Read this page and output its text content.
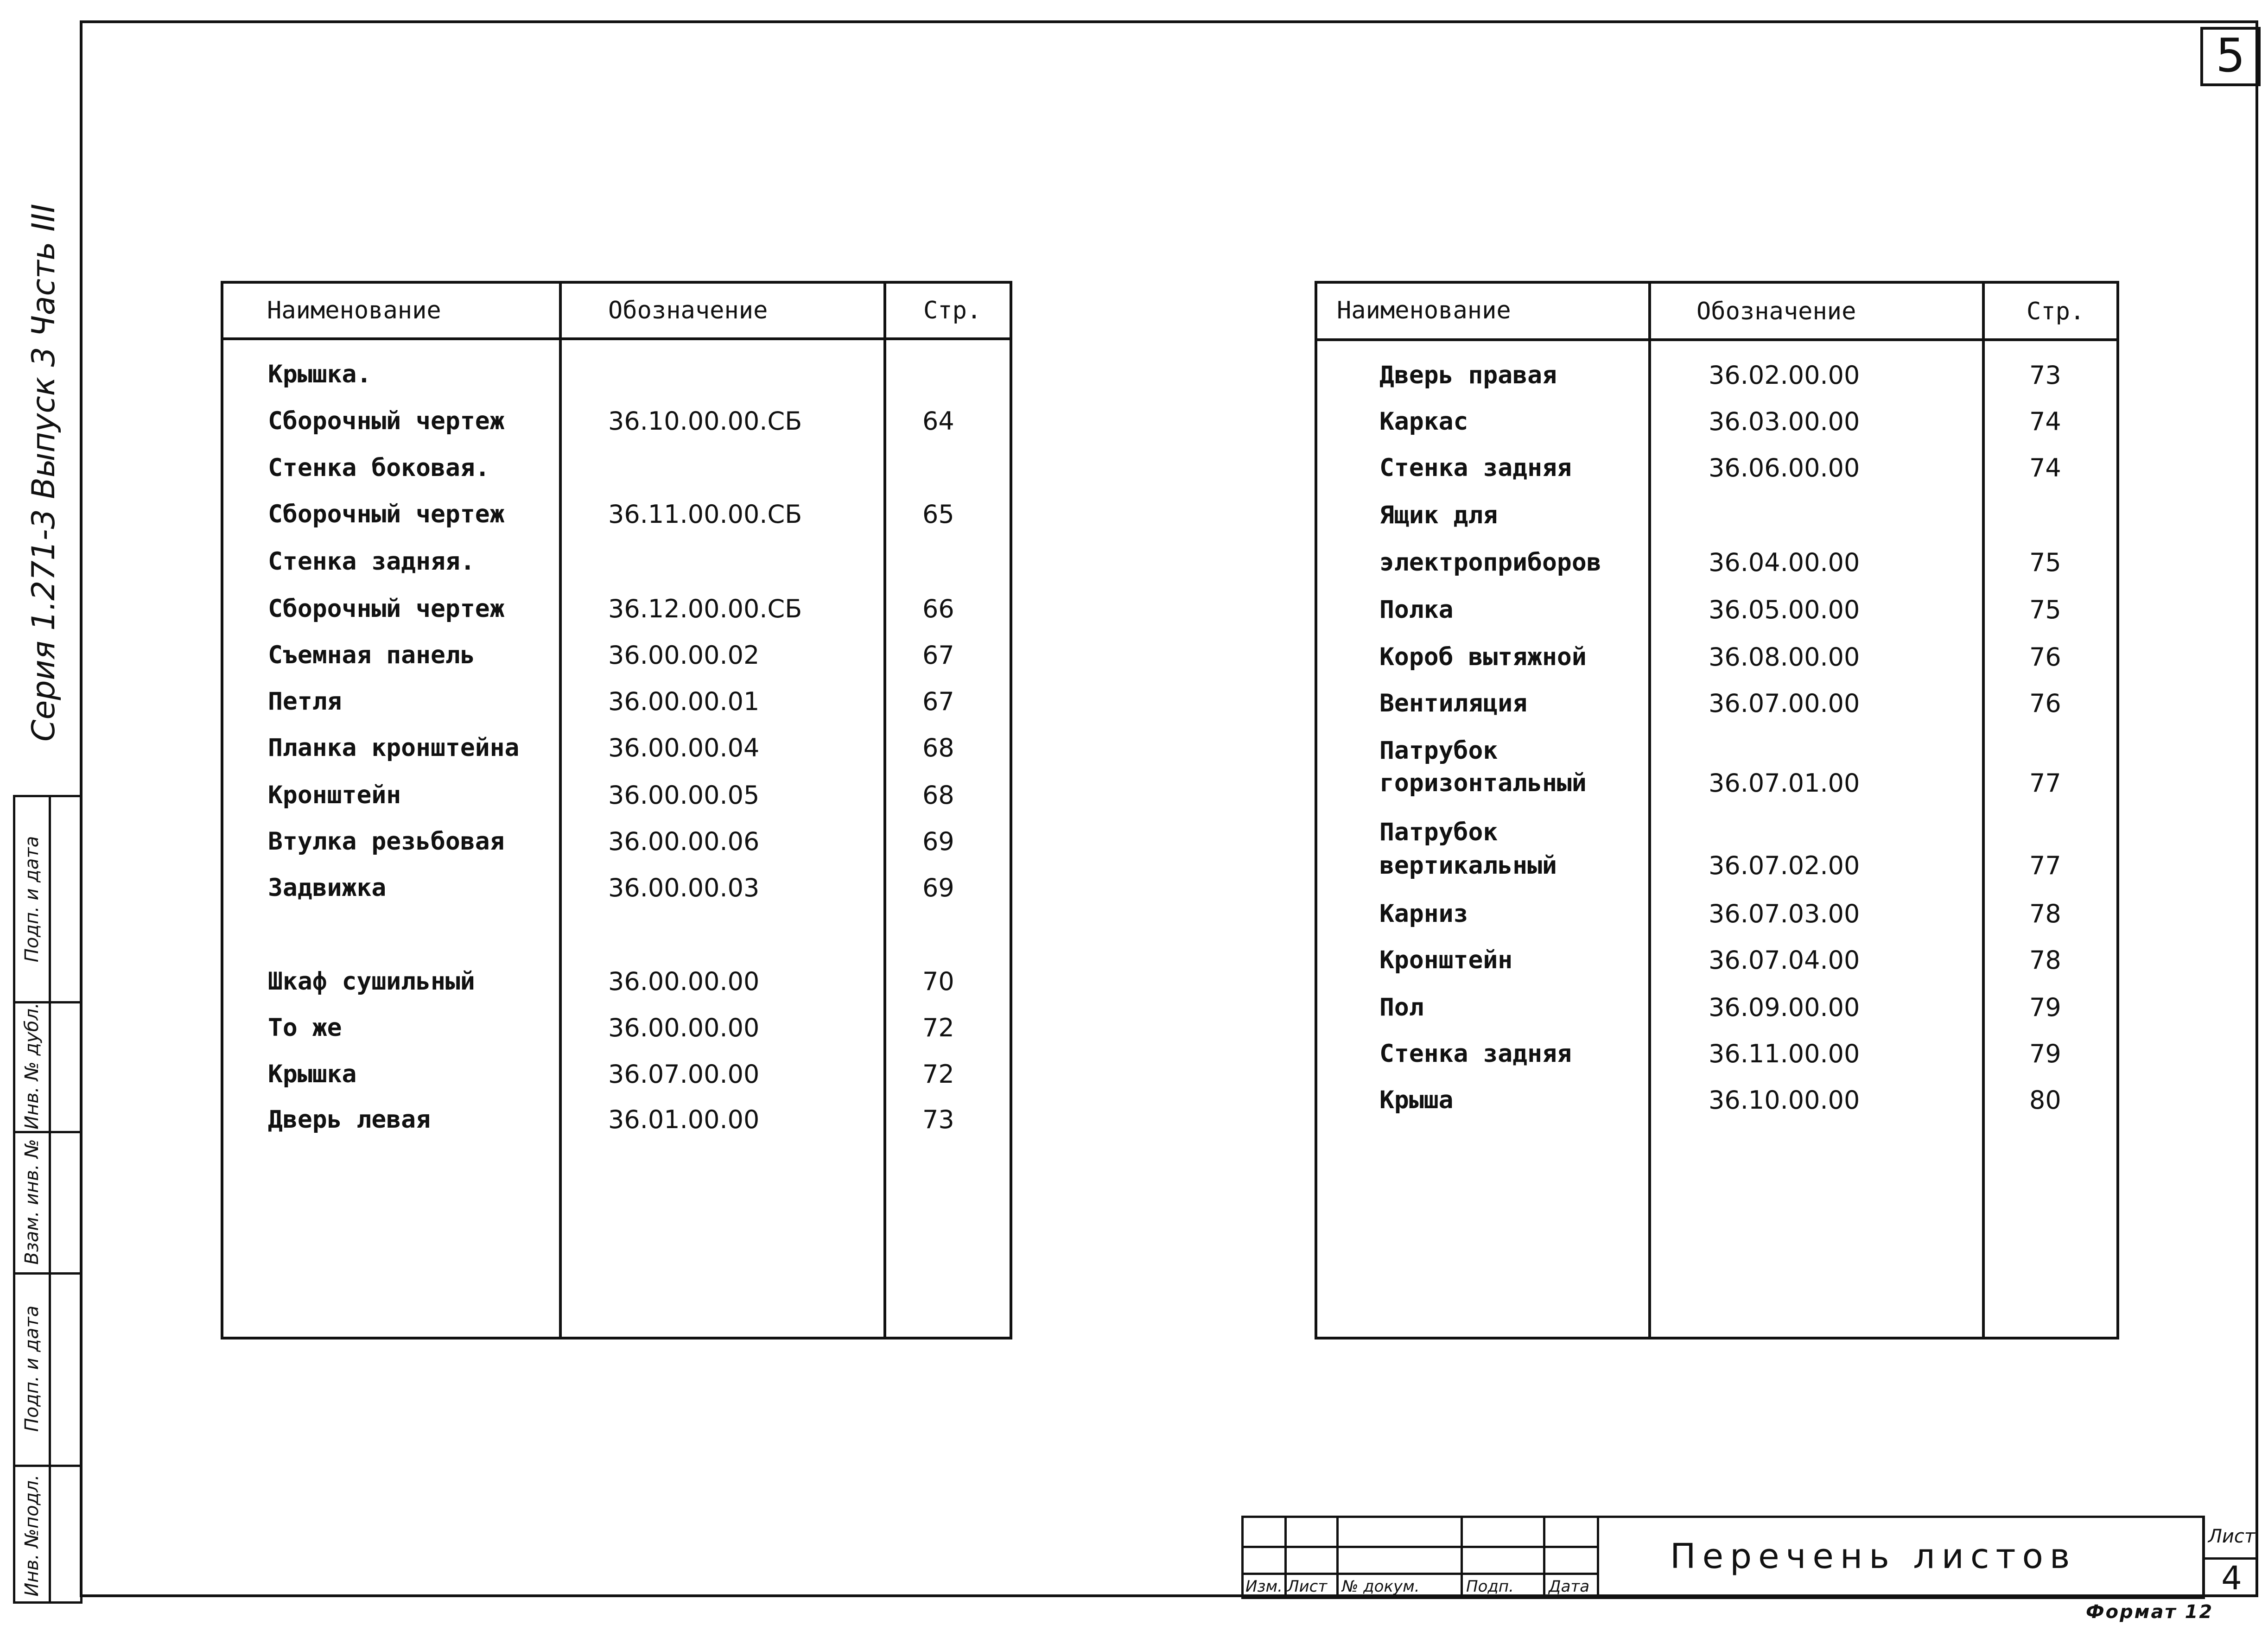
5
Серия 1.271-3 Выпуск 3 Часть III
Инв. №подл.
Подп. и дата
Взам. инв. №
Инв. № дубл.
Подп. и дата
Наименование	Обозначение	Стр.
Крышка.
Сборочный чертеж	36.10.00.00.СБ	64
Стенка боковая.
Сборочный чертеж	36.11.00.00.СБ	65
Стенка задняя.
Сборочный чертеж	36.12.00.00.СБ	66
Съемная панель	36.00.00.02	67
Петля	36.00.00.01	67
Планка кронштейна	36.00.00.04	68
Кронштейн	36.00.00.05	68
Втулка резьбовая	36.00.00.06	69
Задвижка	36.00.00.03	69
Шкаф сушильный	36.00.00.00	70
То же	36.00.00.00	72
Крышка	36.07.00.00	72
Дверь левая	36.01.00.00	73
Наименование	Обозначение	Стр.
Дверь правая	36.02.00.00	73
Каркас	36.03.00.00	74
Стенка задняя	36.06.00.00	74
Ящик для
электроприборов	36.04.00.00	75
Полка	36.05.00.00	75
Короб вытяжной	36.08.00.00	76
Вентиляция	36.07.00.00	76
Патрубок
горизонтальный	36.07.01.00	77
Патрубок
вертикальный	36.07.02.00	77
Карниз	36.07.03.00	78
Кронштейн	36.07.04.00	78
Пол	36.09.00.00	79
Стенка задняя	36.11.00.00	79
Крыша	36.10.00.00	80
Изм. Лист № докум.	Подп. Дата
Перечень листов	Лист
4
Формат 12
